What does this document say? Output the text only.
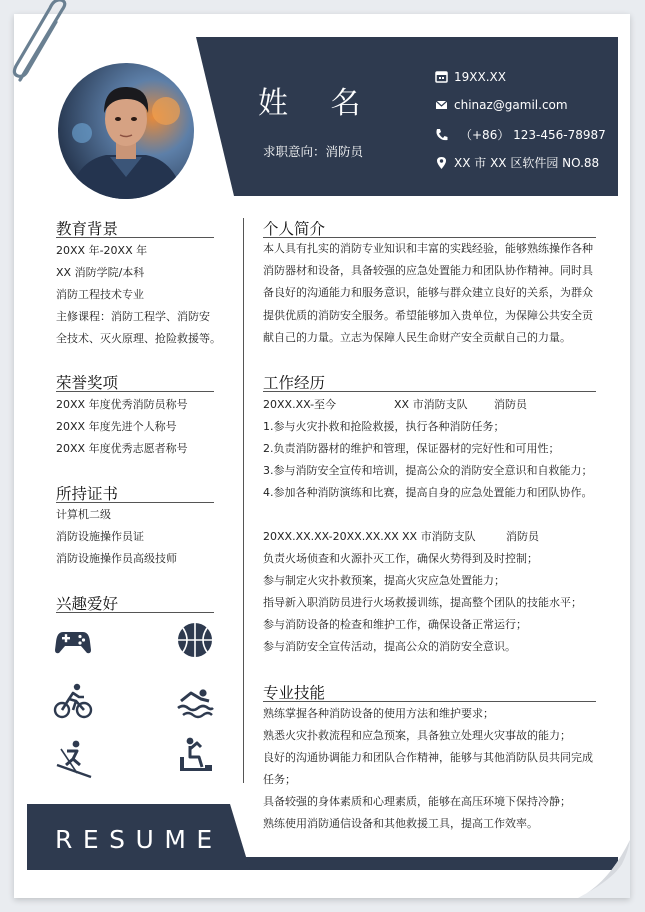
姓 名
求职意向：消防员
19XX.XX
chinaz@gamil.com
（+86） 123-456-78987
XX 市 XX 区软件园 NO.88
教育背景
20XX 年-20XX 年
XX 消防学院/本科
消防工程技术专业
主修课程：消防工程学、消防安
全技术、灭火原理、抢险救援等。
荣誉奖项
20XX 年度优秀消防员称号
20XX 年度先进个人称号
20XX 年度优秀志愿者称号
所持证书
计算机二级
消防设施操作员证
消防设施操作员高级技师
兴趣爱好
个人简介
本人具有扎实的消防专业知识和丰富的实践经验，能够熟练操作各种消防器材和设备，具备较强的应急处置能力和团队协作精神。同时具备良好的沟通能力和服务意识，能够与群众建立良好的关系，为群众提供优质的消防安全服务。希望能够加入贵单位，为保障公共安全贡献自己的力量。立志为保障人民生命财产安全贡献自己的力量。
工作经历
20XX.XX-至今	XX 市消防支队 消防员
1.参与火灾扑救和抢险救援，执行各种消防任务；
2.负责消防器材的维护和管理，保证器材的完好性和可用性；
3.参与消防安全宣传和培训，提高公众的消防安全意识和自救能力；
4.参加各种消防演练和比赛，提高自身的应急处置能力和团队协作。
20XX.XX.XX-20XX.XX.XX XX 市消防支队	消防员
负责火场侦查和火源扑灭工作，确保火势得到及时控制；
参与制定火灾扑救预案，提高火灾应急处置能力；
指导新入职消防员进行火场救援训练，提高整个团队的技能水平；
参与消防设备的检查和维护工作，确保设备正常运行；
参与消防安全宣传活动，提高公众的消防安全意识。
专业技能
熟练掌握各种消防设备的使用方法和维护要求；
熟悉火灾扑救流程和应急预案，具备独立处理火灾事故的能力；
良好的沟通协调能力和团队合作精神，能够与其他消防队员共同完成
任务；
具备较强的身体素质和心理素质，能够在高压环境下保持冷静；
熟练使用消防通信设备和其他救援工具，提高工作效率。
RESUME
